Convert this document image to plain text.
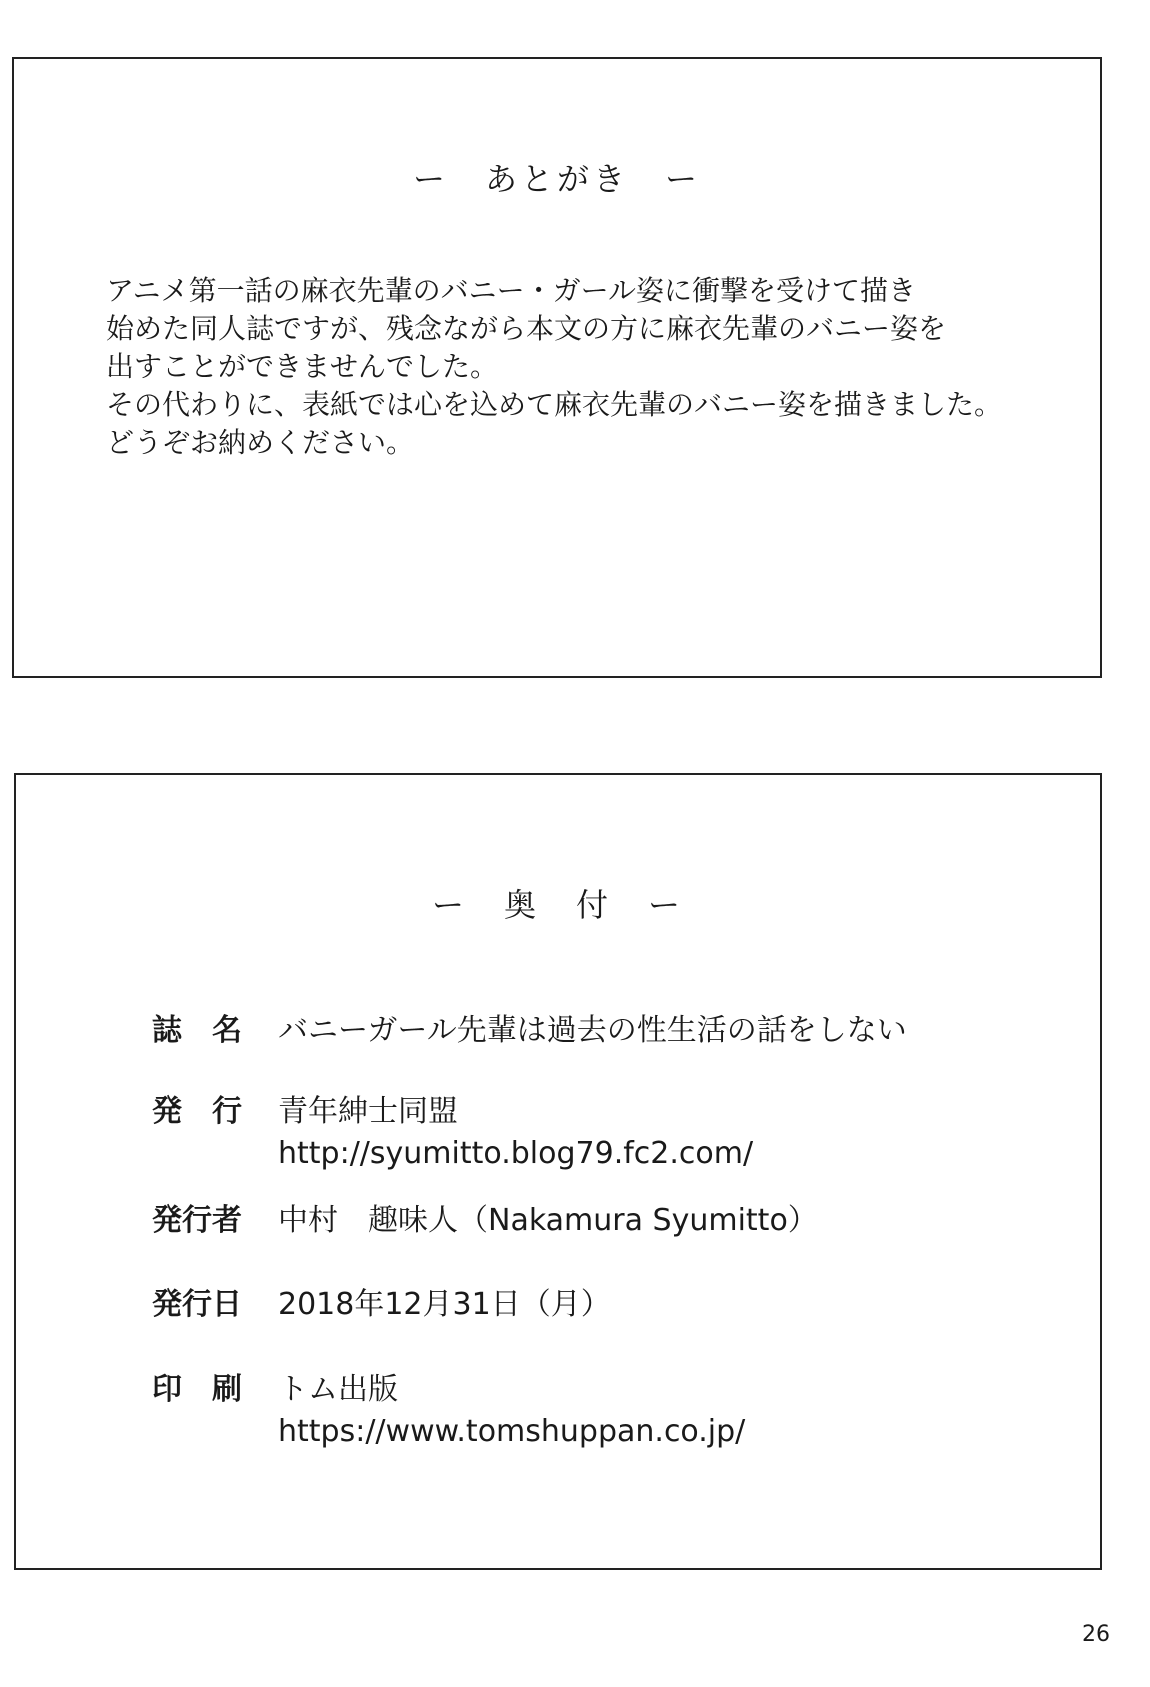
ー　あとがき　ー
アニメ第一話の麻衣先輩のバニー・ガール姿に衝撃を受けて描き
始めた同人誌ですが、残念ながら本文の方に麻衣先輩のバニー姿を
出すことができませんでした。
その代わりに、表紙では心を込めて麻衣先輩のバニー姿を描きました。
どうぞお納めください。
ー　奥　付　ー
誌　名	バニーガール先輩は過去の性生活の話をしない
発　行	青年紳士同盟
http://syumitto.blog79.fc2.com/
発行者	中村　趣味人（Nakamura Syumitto）
発行日	2018年12月31日（月）
印　刷	トム出版
https://www.tomshuppan.co.jp/
26
